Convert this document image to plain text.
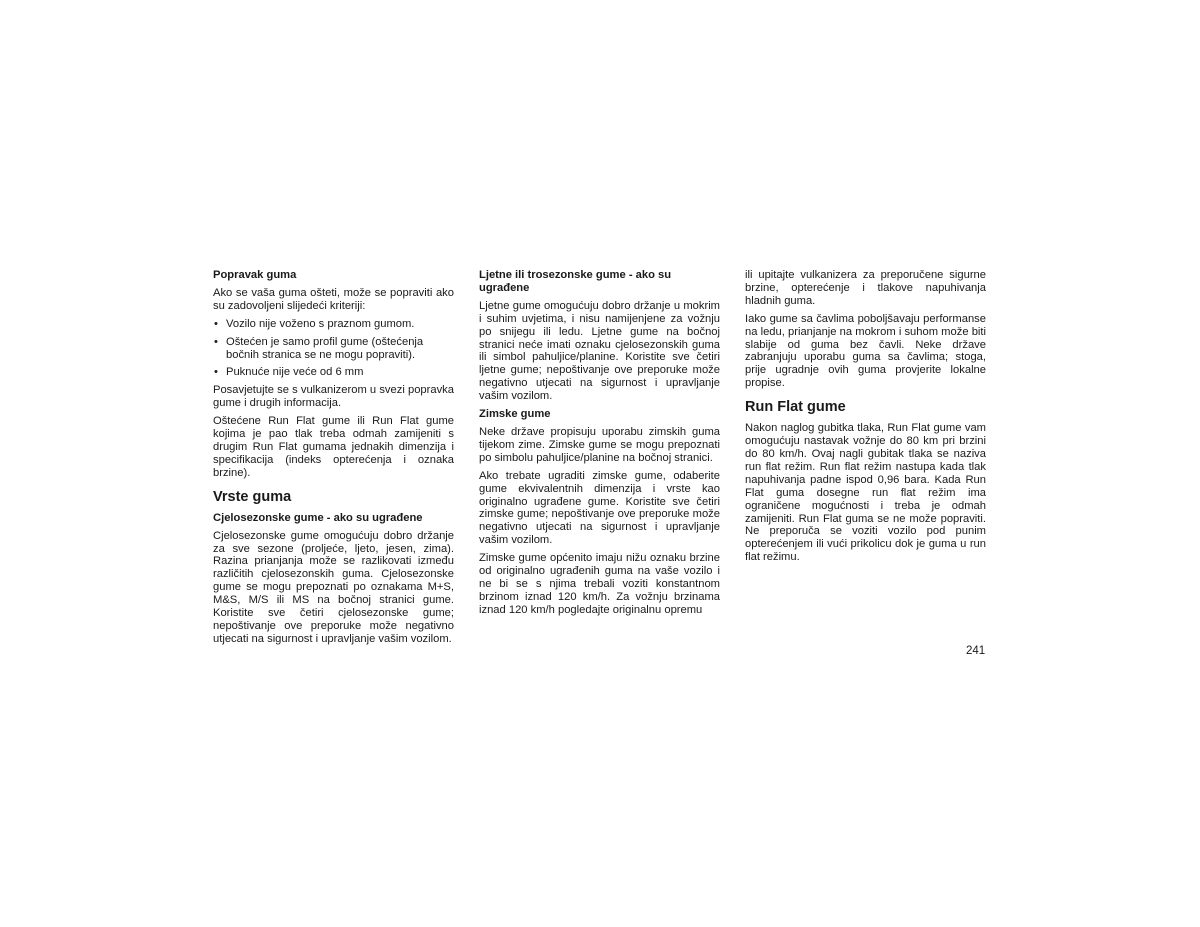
Popravak guma

Ako se vaša guma ošteti, može se popraviti ako su zadovoljeni slijedeći kriteriji:

• Vozilo nije voženo s praznom gumom.
• Oštećen je samo profil gume (oštećenja bočnih stranica se ne mogu popraviti).
• Puknuće nije veće od 6 mm

Posavjetujte se s vulkanizerom u svezi popravka gume i drugih informacija.

Oštećene Run Flat gume ili Run Flat gume kojima je pao tlak treba odmah zamijeniti s drugim Run Flat gumama jednakih dimenzija i specifikacija (indeks opterećenja i oznaka brzine).

Vrste guma
Cjelosezonske gume - ako su ugrađene

Cjelosezonske gume omogućuju dobro držanje za sve sezone (proljeće, ljeto, jesen, zima). Razina prianjanja može se razlikovati između različitih cjelosezonskih guma. Cjelosezonske gume se mogu prepoznati po oznakama M+S, M&S, M/S ili MS na bočnoj stranici gume. Koristite sve četiri cjelosezonske gume; nepoštivanje ove preporuke može negativno utjecati na sigurnost i upravljanje vašim vozilom.

Ljetne ili trosezonske gume - ako su ugrađene

Ljetne gume omogućuju dobro držanje u mokrim i suhim uvjetima, i nisu namijenjene za vožnju po snijegu ili ledu. Ljetne gume na bočnoj stranici neće imati oznaku cjelosezonskih guma ili simbol pahuljice/planine. Koristite sve četiri ljetne gume; nepoštivanje ove preporuke može negativno utjecati na sigurnost i upravljanje vašim vozilom.

Zimske gume

Neke države propisuju uporabu zimskih guma tijekom zime. Zimske gume se mogu prepoznati po simbolu pahuljice/planine na bočnoj stranici.

Ako trebate ugraditi zimske gume, odaberite gume ekvivalentnih dimenzija i vrste kao originalno ugrađene gume. Koristite sve četiri zimske gume; nepoštivanje ove preporuke može negativno utjecati na sigurnost i upravljanje vašim vozilom.

Zimske gume općenito imaju nižu oznaku brzine od originalno ugrađenih guma na vaše vozilo i ne bi se s njima trebali voziti konstantnom brzinom iznad 120 km/h. Za vožnju brzinama iznad 120 km/h pogledajte originalnu opremu

ili upitajte vulkanizera za preporučene sigurne brzine, opterećenje i tlakove napuhivanja hladnih guma.

Iako gume sa čavlima poboljšavaju performanse na ledu, prianjanje na mokrom i suhom može biti slabije od guma bez čavli. Neke države zabranjuju uporabu guma sa čavlima; stoga, prije ugradnje ovih guma provjerite lokalne propise.

Run Flat gume

Nakon naglog gubitka tlaka, Run Flat gume vam omogućuju nastavak vožnje do 80 km pri brzini do 80 km/h. Ovaj nagli gubitak tlaka se naziva run flat režim. Run flat režim nastupa kada tlak napuhivanja padne ispod 0,96 bara. Kada Run Flat guma dosegne run flat režim ima ograničene mogućnosti i treba je odmah zamijeniti. Run Flat guma se ne može popraviti. Ne preporuča se voziti vozilo pod punim opterećenjem ili vući prikolicu dok je guma u run flat režimu.

241
